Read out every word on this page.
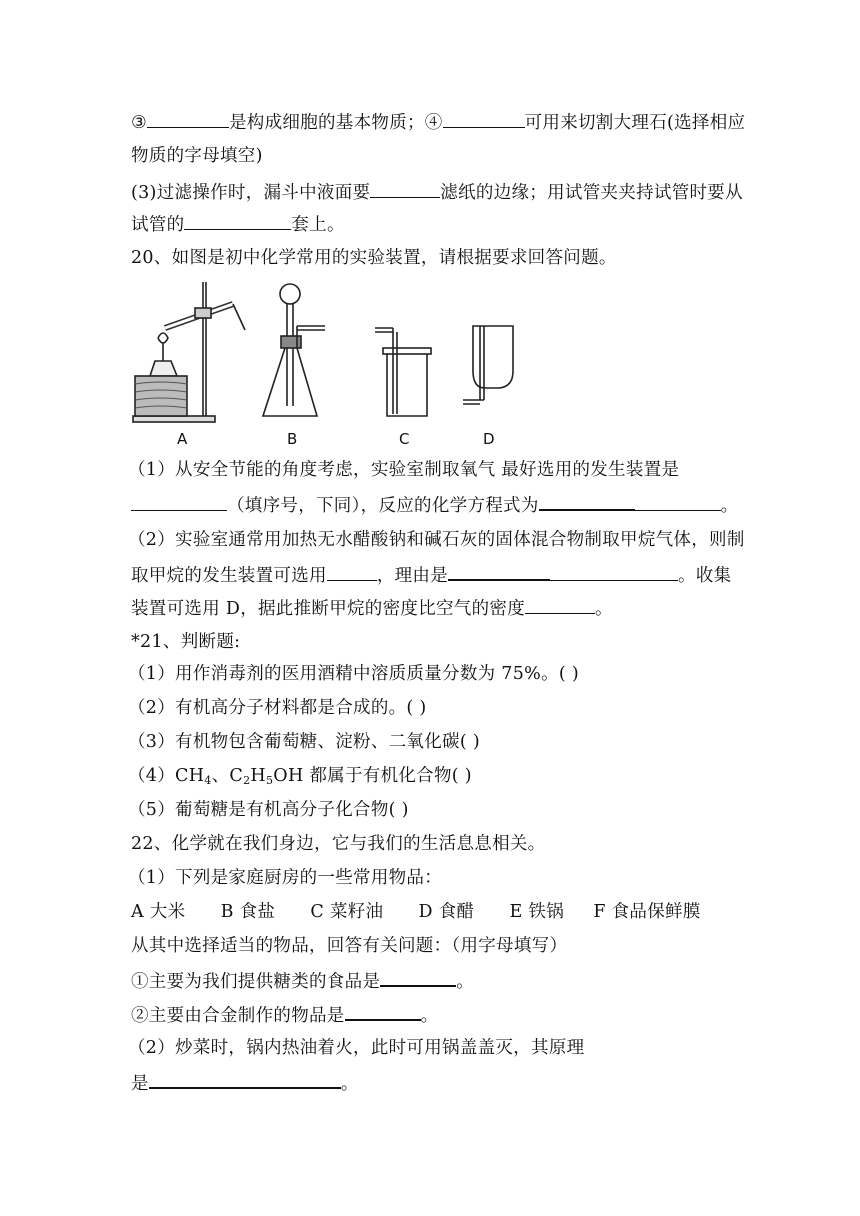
③	是构成细胞的基本物质；④	可用来切割大理石(选择相应
物质的字母填空)
(3)过滤操作时，漏斗中液面要	滤纸的边缘；用试管夹夹持试管时要从
试管的	套上。
20、如图是初中化学常用的实验装置，请根据要求回答问题。
A	B	C	D
（1）从安全节能的角度考虑，实验室制取氧气 最好选用的发生装置是
（填序号，下同），反应的化学方程式为	。
（2）实验室通常用加热无水醋酸钠和碱石灰的固体混合物制取甲烷气体，则制
取甲烷的发生装置可选用	，理由是	。收集
装置可选用 D，据此推断甲烷的密度比空气的密度	。
*21、判断题:
（1）用作消毒剂的医用酒精中溶质质量分数为 75%。( )
（2）有机高分子材料都是合成的。( )
（3）有机物包含葡萄糖、淀粉、二氧化碳( )
$(4)CH_4$、$C_2H_5OH$ 都属于有机化合物( )
（5）葡萄糖是有机高分子化合物( )
22、化学就在我们身边，它与我们的生活息息相关。
（1）下列是家庭厨房的一些常用物品：
A 大米      B 食盐      C 菜籽油      D 食醋      E 铁锅     F 食品保鲜膜
从其中选择适当的物品，回答有关问题：（用字母填写）
①主要为我们提供糖类的食品是	。
②主要由合金制作的物品是	。
（2）炒菜时，锅内热油着火，此时可用锅盖盖灭，其原理
是	。
